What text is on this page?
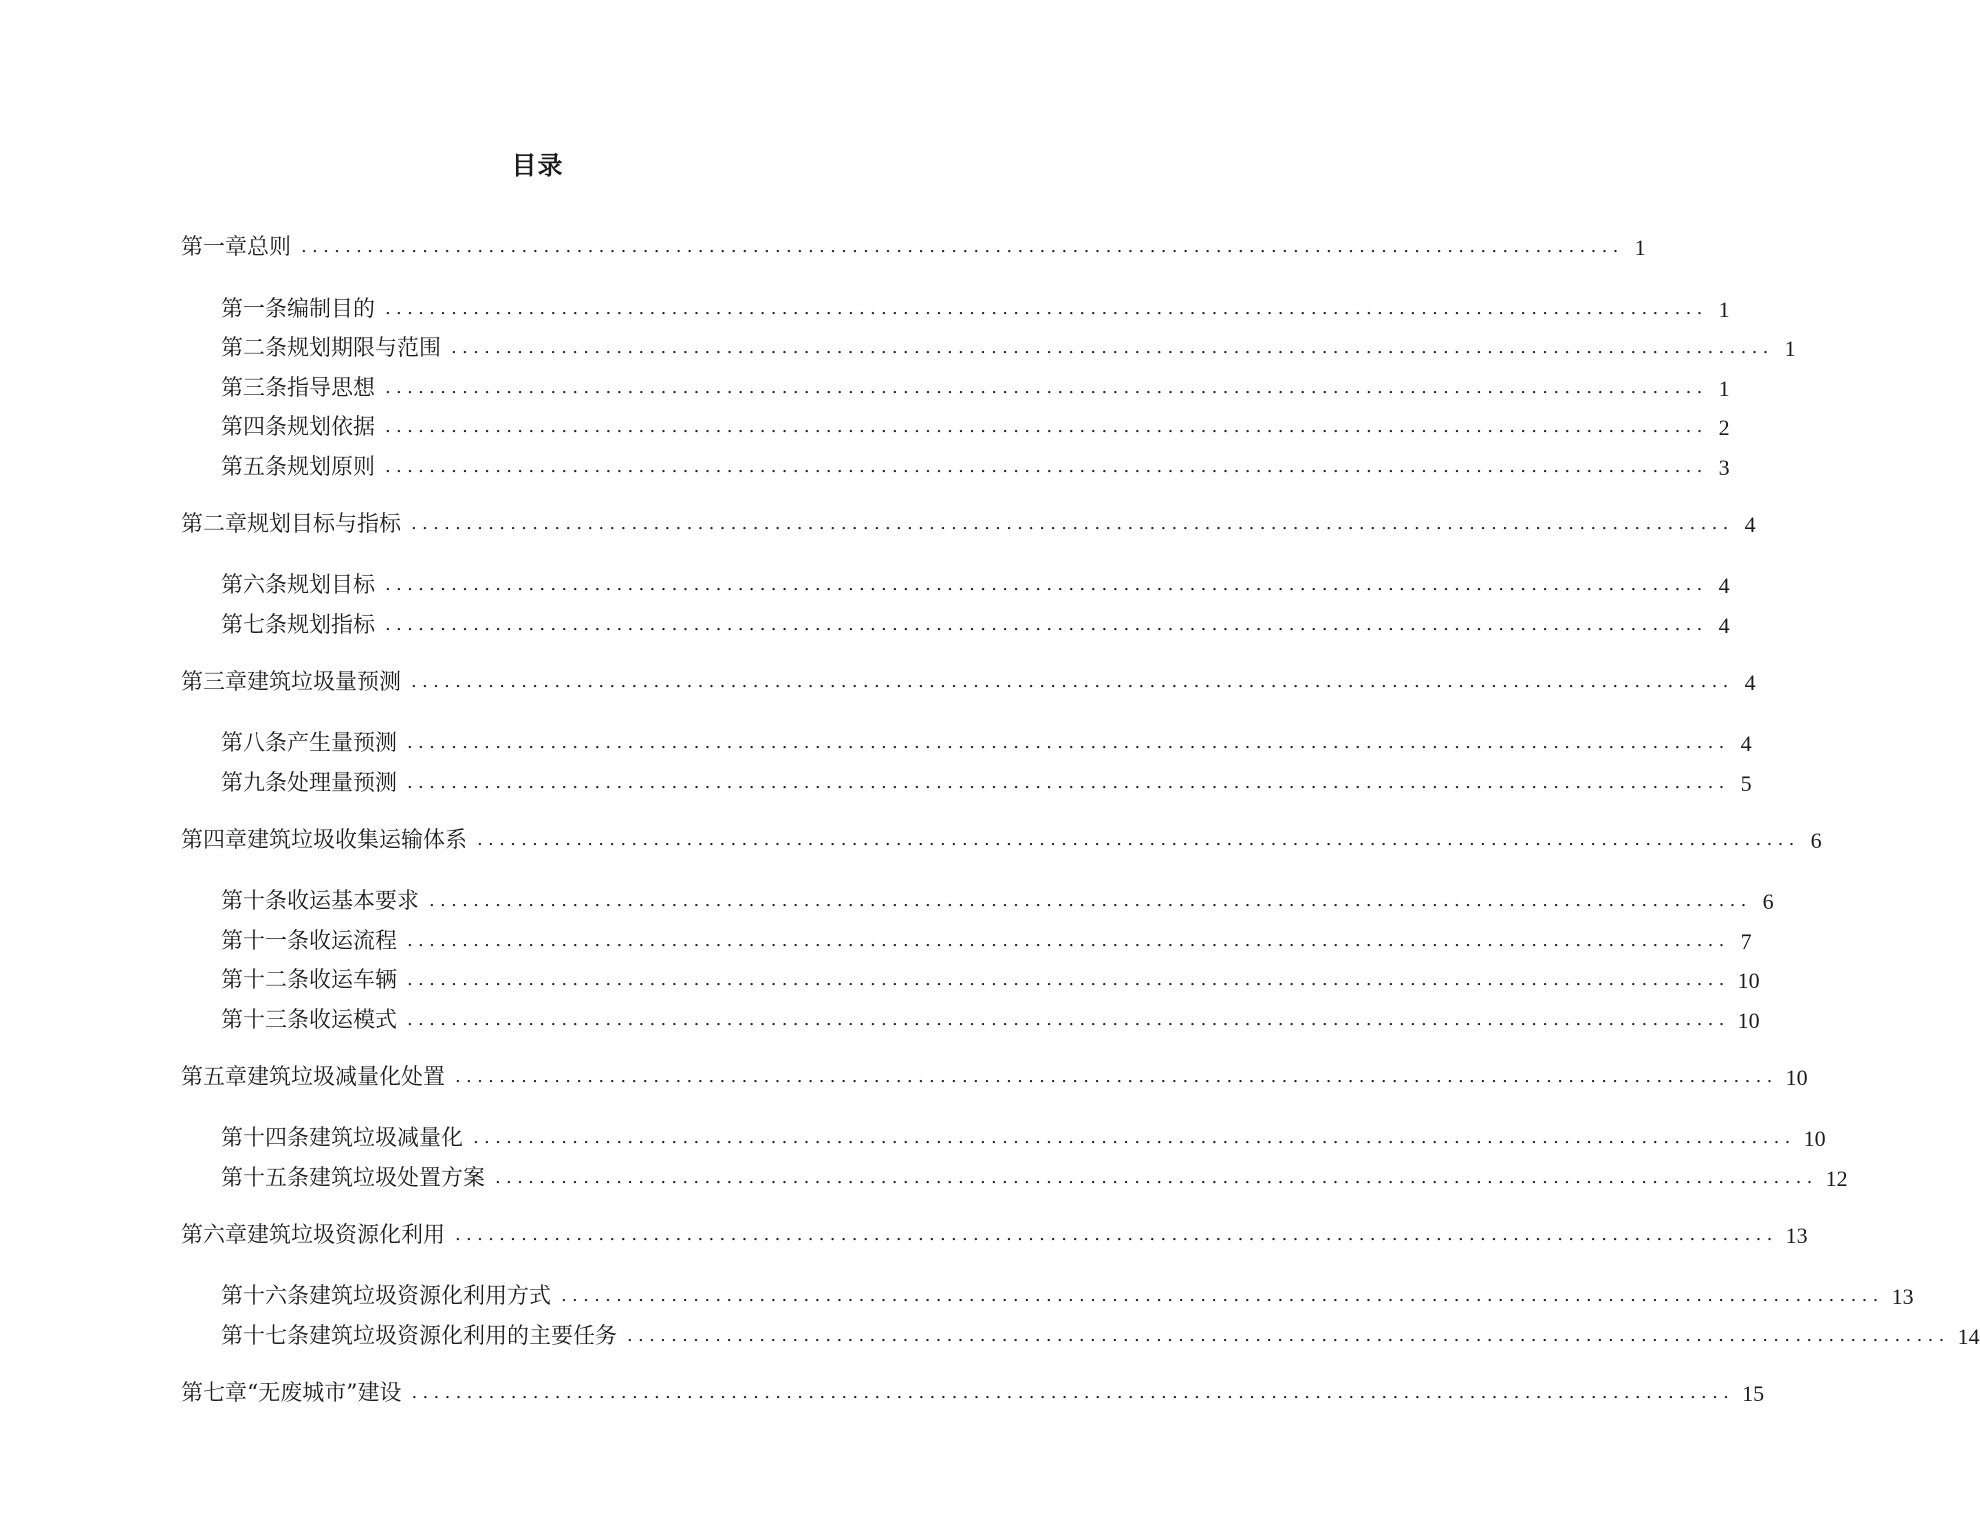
目录
第一章 总则 ........................................................................................................................ 1
第一条 编制目的 ........................................................................................................................ 1
第二条 规划期限与范围 ........................................................................................................................ 1
第三条 指导思想 ........................................................................................................................ 1
第四条 规划依据 ........................................................................................................................ 2
第五条 规划原则 ........................................................................................................................ 3
第二章 规划目标与指标 ........................................................................................................................ 4
第六条 规划目标 ........................................................................................................................ 4
第七条 规划指标 ........................................................................................................................ 4
第三章 建筑垃圾量预测 ........................................................................................................................ 4
第八条 产生量预测 ........................................................................................................................ 4
第九条 处理量预测 ........................................................................................................................ 5
第四章 建筑垃圾收集运输体系 ........................................................................................................................ 6
第十条 收运基本要求 ........................................................................................................................ 6
第十一条 收运流程 ........................................................................................................................ 7
第十二条 收运车辆 ........................................................................................................................ 10
第十三条 收运模式 ........................................................................................................................ 10
第五章 建筑垃圾减量化处置 ........................................................................................................................ 10
第十四条 建筑垃圾减量化 ........................................................................................................................ 10
第十五条 建筑垃圾处置方案 ........................................................................................................................ 12
第六章 建筑垃圾资源化利用 ........................................................................................................................ 13
第十六条 建筑垃圾资源化利用方式 ........................................................................................................................ 13
第十七条 建筑垃圾资源化利用的主要任务 ........................................................................................................................ 14
第七章 “无废城市”建设 ........................................................................................................................ 15
